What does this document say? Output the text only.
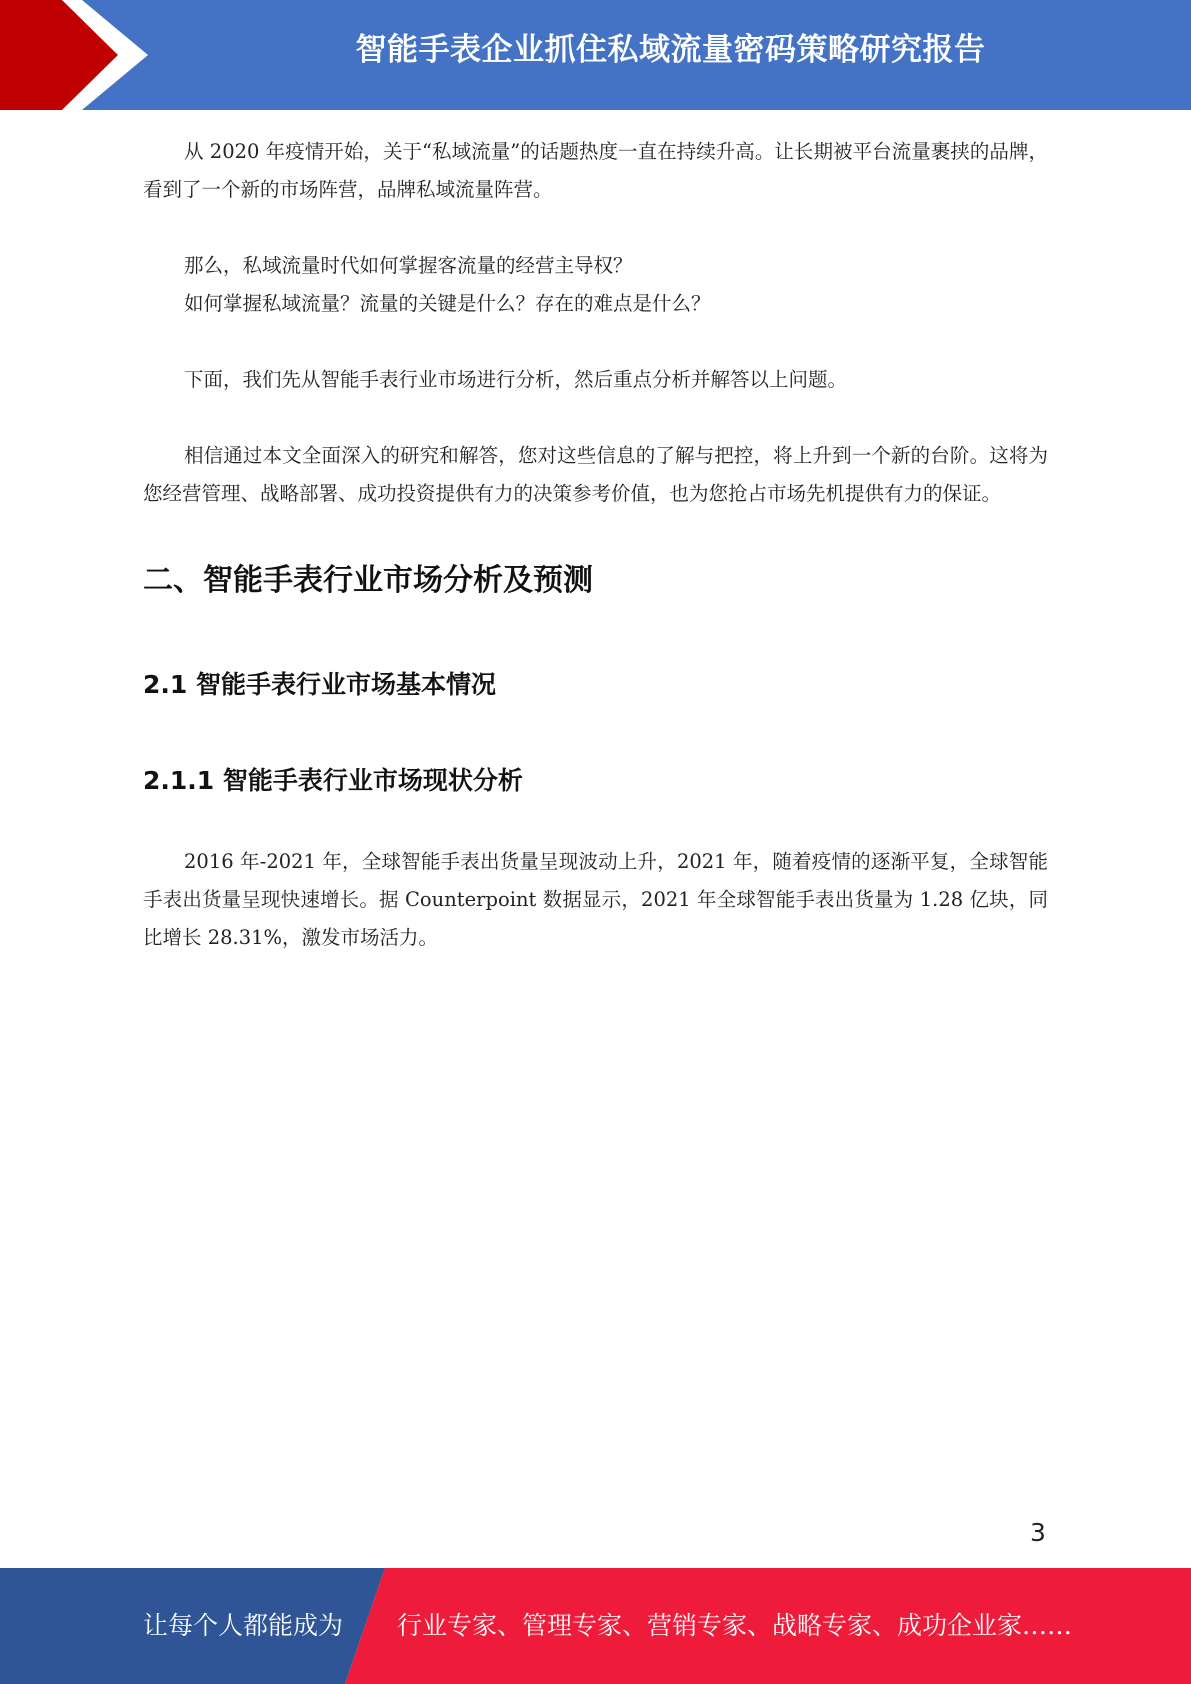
智能手表企业抓住私域流量密码策略研究报告

从 2020 年疫情开始，关于“私域流量”的话题热度一直在持续升高。让长期被平台流量裹挟的品牌，看到了一个新的市场阵营，品牌私域流量阵营。

那么，私域流量时代如何掌握客流量的经营主导权？

如何掌握私域流量？流量的关键是什么？存在的难点是什么？

下面，我们先从智能手表行业市场进行分析，然后重点分析并解答以上问题。

相信通过本文全面深入的研究和解答，您对这些信息的了解与把控，将上升到一个新的台阶。这将为您经营管理、战略部署、成功投资提供有力的决策参考价值，也为您抢占市场先机提供有力的保证。

二、智能手表行业市场分析及预测
2.1 智能手表行业市场基本情况
2.1.1 智能手表行业市场现状分析

2016 年-2021 年，全球智能手表出货量呈现波动上升，2021 年，随着疫情的逐渐平复，全球智能手表出货量呈现快速增长。据 Counterpoint 数据显示，2021 年全球智能手表出货量为 1.28 亿块，同比增长 28.31%，激发市场活力。

3
让每个人都能成为 行业专家、管理专家、营销专家、战略专家、成功企业家……
